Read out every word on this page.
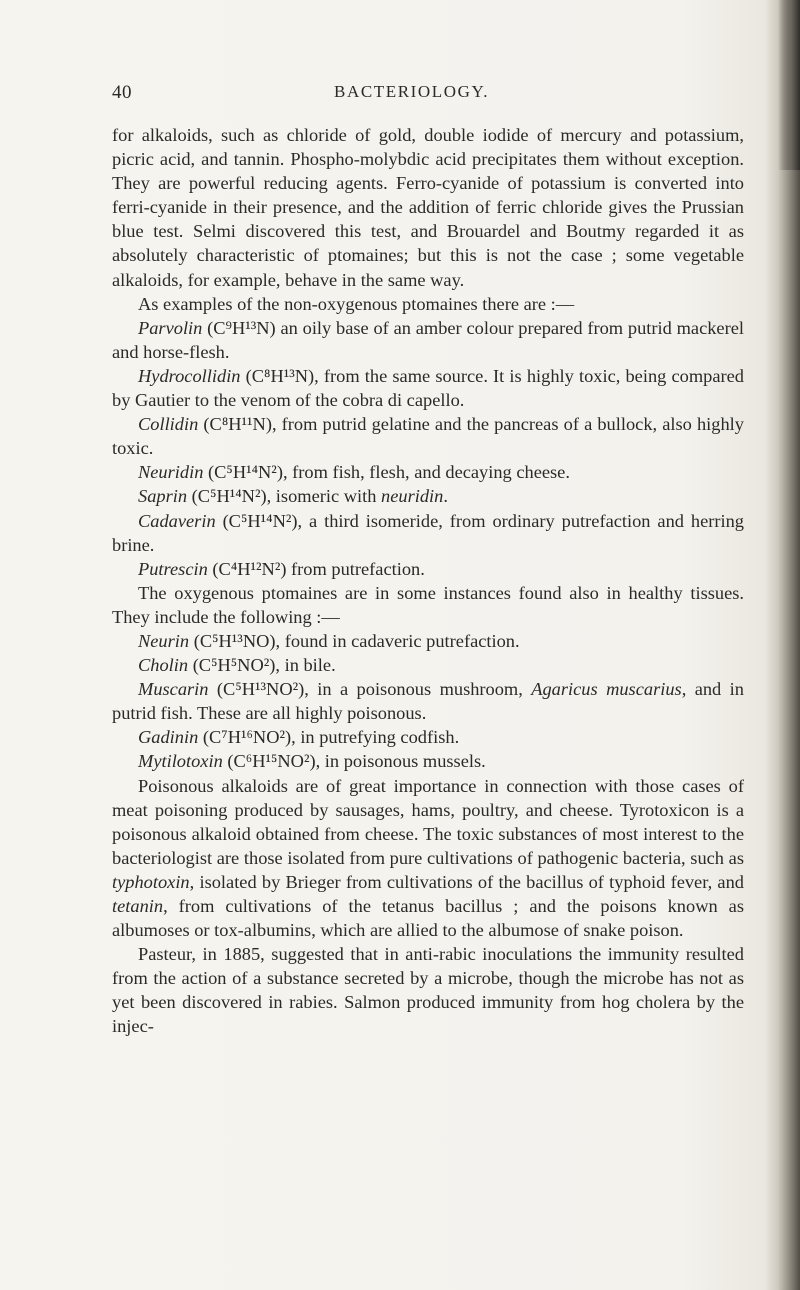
40	BACTERIOLOGY.

for alkaloids, such as chloride of gold, double iodide of mercury and potassium, picric acid, and tannin. Phospho-molybdic acid precipitates them without exception. They are powerful reducing agents. Ferro-cyanide of potassium is converted into ferri-cyanide in their presence, and the addition of ferric chloride gives the Prussian blue test. Selmi discovered this test, and Brouardel and Boutmy regarded it as absolutely characteristic of ptomaines; but this is not the case ; some vegetable alkaloids, for example, behave in the same way.

As examples of the non-oxygenous ptomaines there are :—

Parvolin (C⁹H¹³N) an oily base of an amber colour prepared from putrid mackerel and horse-flesh.

Hydrocollidin (C⁸H¹³N), from the same source. It is highly toxic, being compared by Gautier to the venom of the cobra di capello.

Collidin (C⁸H¹¹N), from putrid gelatine and the pancreas of a bullock, also highly toxic.

Neuridin (C⁵H¹⁴N²), from fish, flesh, and decaying cheese.

Saprin (C⁵H¹⁴N²), isomeric with neuridin.

Cadaverin (C⁵H¹⁴N²), a third isomeride, from ordinary putrefaction and herring brine.

Putrescin (C⁴H¹²N²) from putrefaction.

The oxygenous ptomaines are in some instances found also in healthy tissues. They include the following :—

Neurin (C⁵H¹³NO), found in cadaveric putrefaction.

Cholin (C⁵H⁵NO²), in bile.

Muscarin (C⁵H¹³NO²), in a poisonous mushroom, Agaricus muscarius, and in putrid fish. These are all highly poisonous.

Gadinin (C⁷H¹⁶NO²), in putrefying codfish.

Mytilotoxin (C⁶H¹⁵NO²), in poisonous mussels.

Poisonous alkaloids are of great importance in connection with those cases of meat poisoning produced by sausages, hams, poultry, and cheese. Tyrotoxicon is a poisonous alkaloid obtained from cheese. The toxic substances of most interest to the bacteriologist are those isolated from pure cultivations of pathogenic bacteria, such as typhotoxin, isolated by Brieger from cultivations of the bacillus of typhoid fever, and tetanin, from cultivations of the tetanus bacillus ; and the poisons known as albumoses or tox-albumins, which are allied to the albumose of snake poison.

Pasteur, in 1885, suggested that in anti-rabic inoculations the immunity resulted from the action of a substance secreted by a microbe, though the microbe has not as yet been discovered in rabies. Salmon produced immunity from hog cholera by the injec-
